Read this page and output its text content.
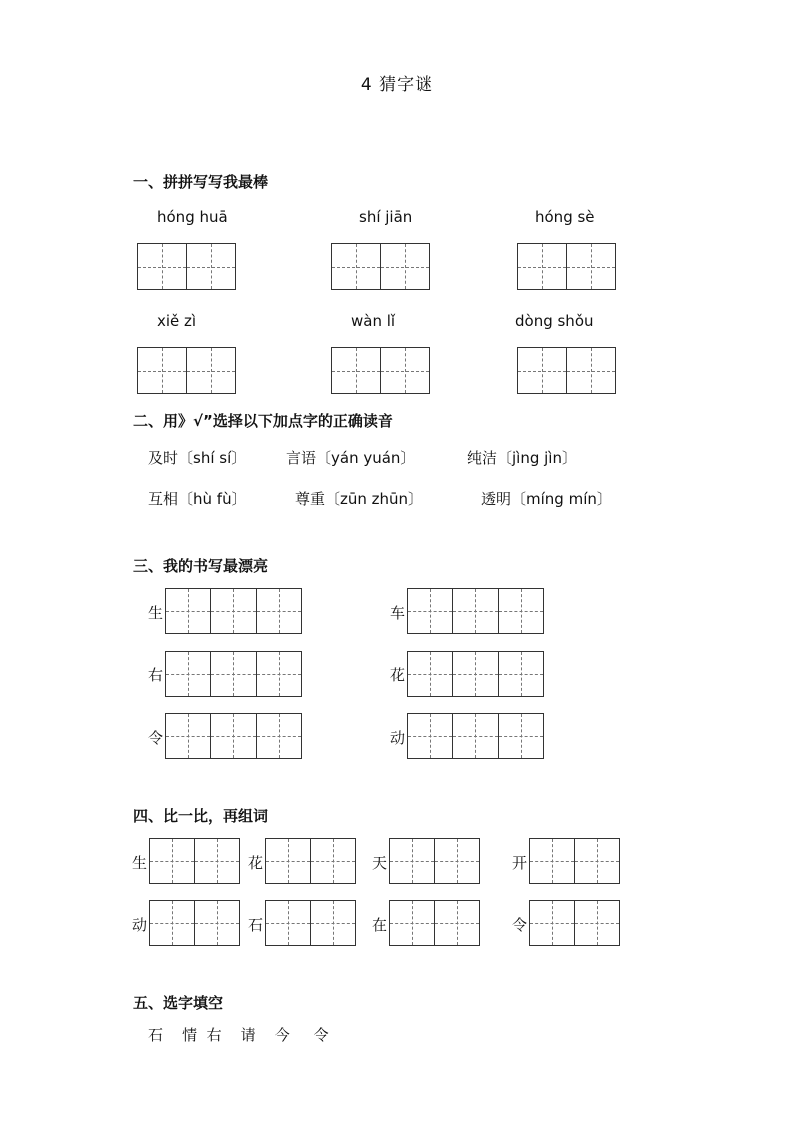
4 猜字谜
一、拼拼写写我最棒
hóng huā	shí jiān	hóng sè
xiě zì	wàn lǐ	dòng shǒu
二、用》√”选择以下加点字的正确读音
及时〔shí sí〕	言语〔yán yuán〕	纯洁〔jìng jìn〕
互相〔hù fù〕	尊重〔zūn zhūn〕	透明〔míng mín〕
三、我的书写最漂亮
生	车
右	花
令	动
四、比一比，再组词
生	花	天	开
动	石	在	令
五、选字填空
石    情  右    请    今     令
